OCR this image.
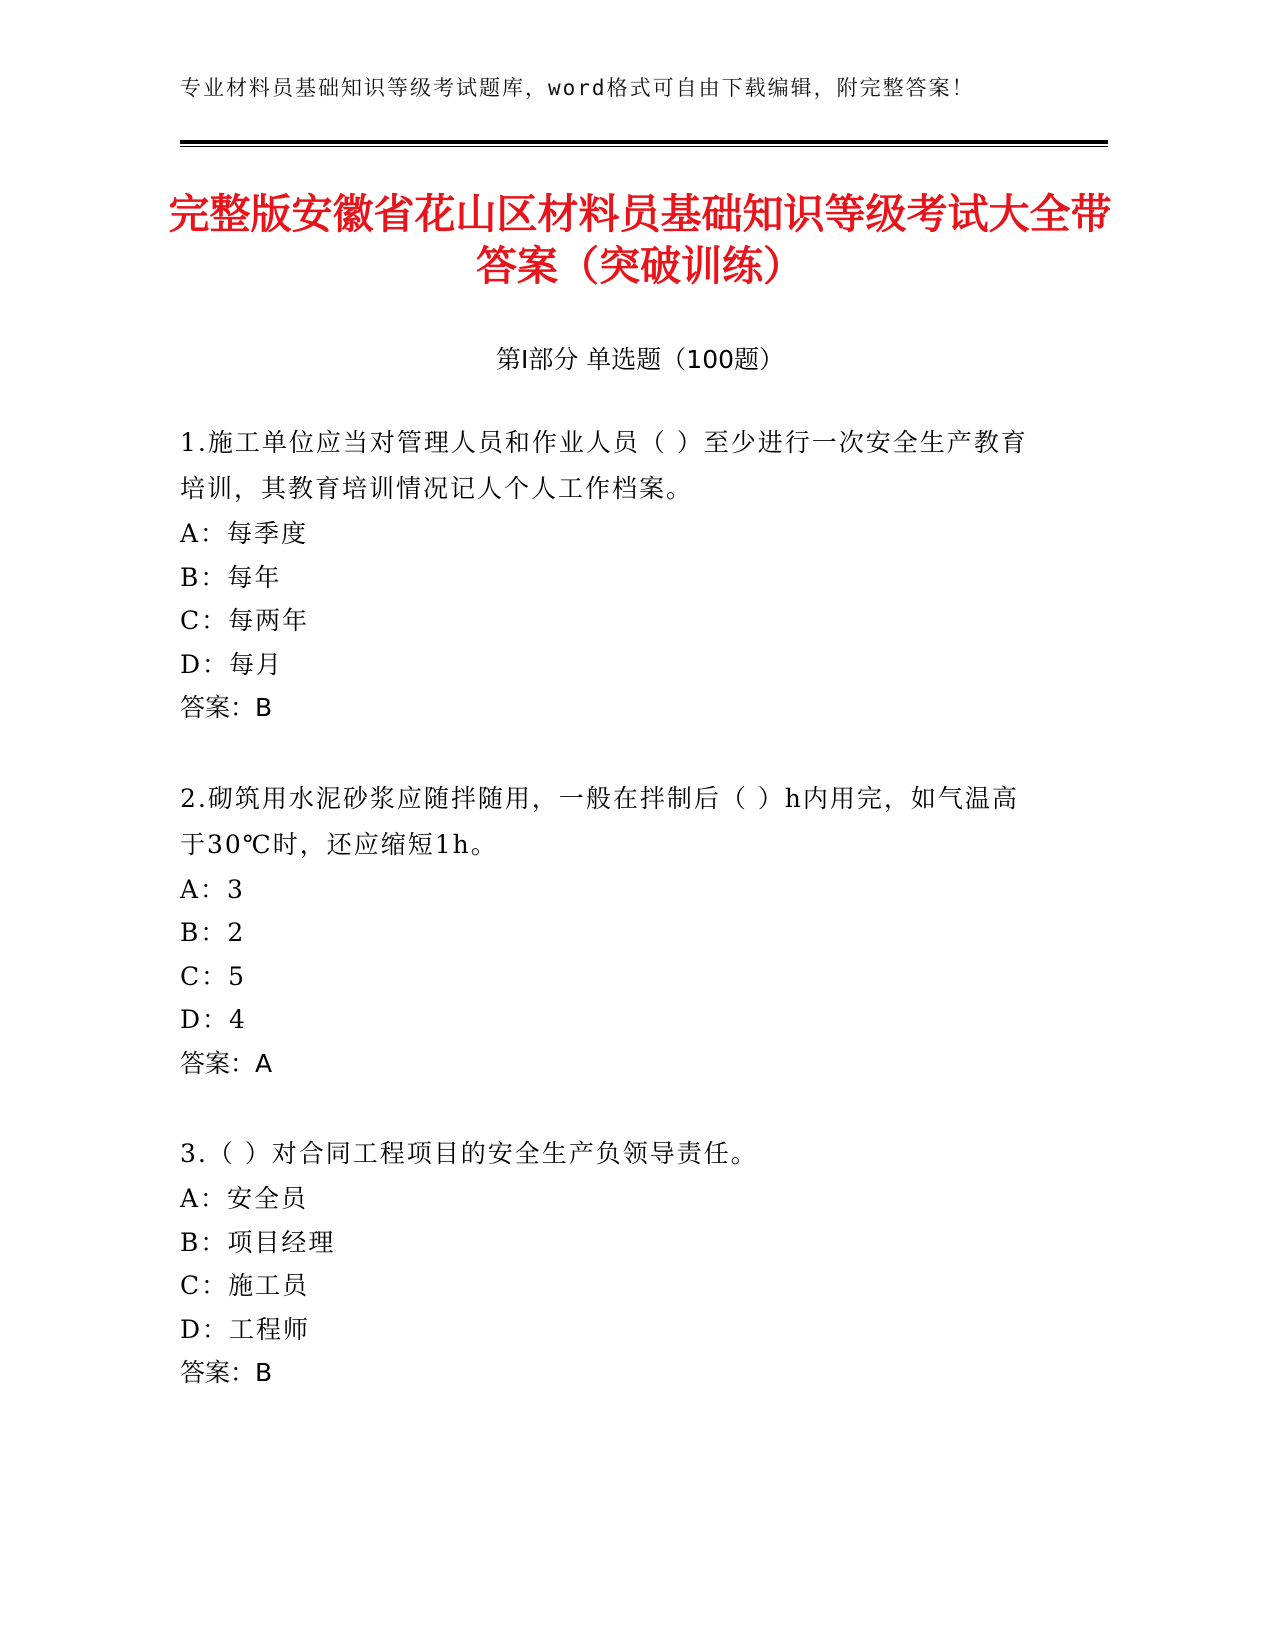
专业材料员基础知识等级考试题库，word格式可自由下载编辑，附完整答案！
完整版安徽省花山区材料员基础知识等级考试大全带答案（突破训练）
第Ⅰ部分 单选题（100题）

1.施工单位应当对管理人员和作业人员（ ）至少进行一次安全生产教育培训，其教育培训情况记人个人工作档案。

A：每季度
B：每年
C：每两年
D：每月
答案：B

2.砌筑用水泥砂浆应随拌随用，一般在拌制后（ ）h内用完，如气温高于30℃时，还应缩短1h。

A：3
B：2
C：5
D：4
答案：A

3.（ ）对合同工程项目的安全生产负领导责任。

A：安全员
B：项目经理
C：施工员
D：工程师
答案：B
